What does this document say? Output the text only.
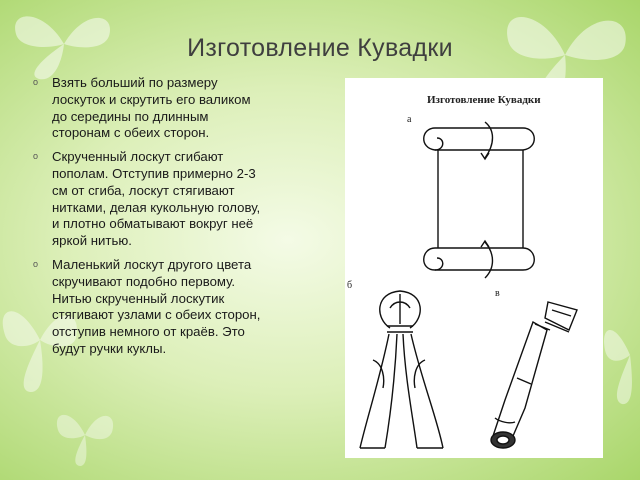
Изготовление Кувадки
о Взять больший по размеру лоскуток и скрутить его валиком до середины по длинным сторонам с обеих сторон.
о Скрученный лоскут сгибают пополам. Отступив примерно 2-3 см от сгиба, лоскут стягивают нитками, делая кукольную голову, и плотно обматывают вокруг неё яркой нитью.
о Маленький лоскут другого цвета скручивают подобно первому. Нитью скрученный лоскутик стягивают узлами с обеих сторон, отступив немного от краёв. Это будут ручки куклы.
Изготовление Кувадки
а
б
в
